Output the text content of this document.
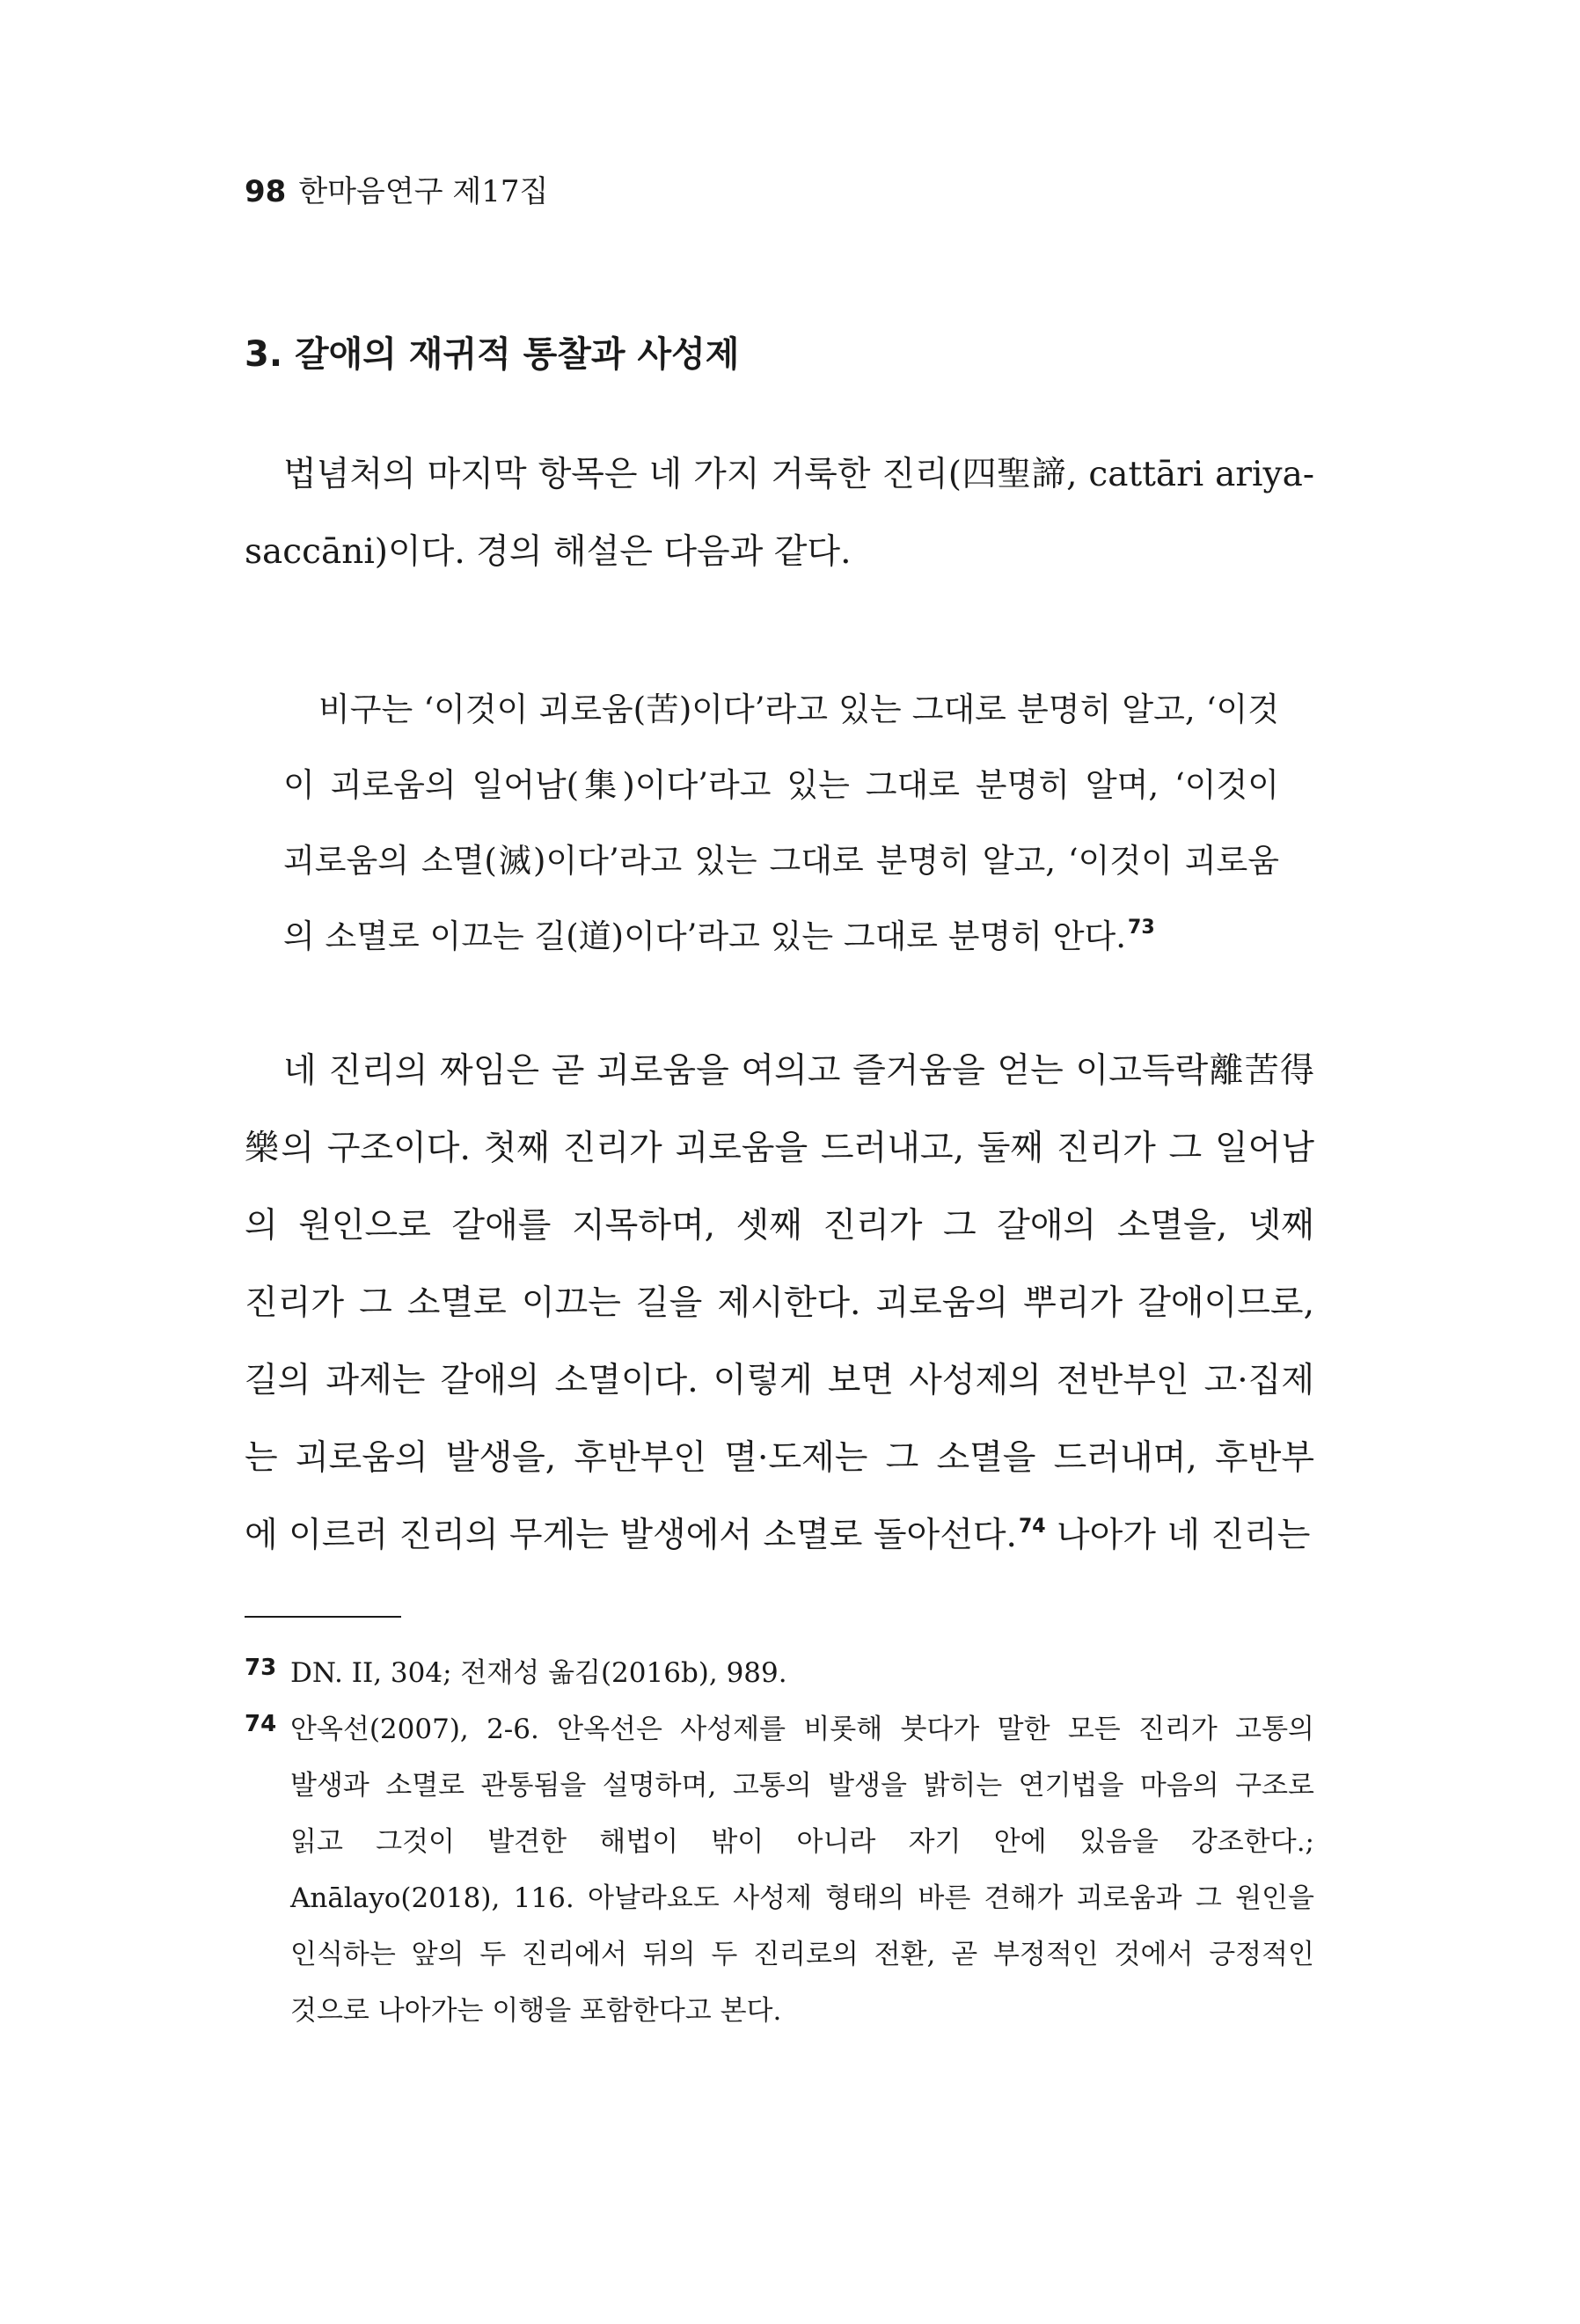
98 한마음연구 제17집
3. 갈애의 재귀적 통찰과 사성제

법념처의 마지막 항목은 네 가지 거룩한 진리(四聖諦, cattāri ariya-

saccāni)이다. 경의 해설은 다음과 같다.

비구는 ‘이것이 괴로움(苦)이다’라고 있는 그대로 분명히 알고, ‘이것

이 괴로움의 일어남(集)이다’라고 있는 그대로 분명히 알며, ‘이것이

괴로움의 소멸(滅)이다’라고 있는 그대로 분명히 알고, ‘이것이 괴로움

의 소멸로 이끄는 길(道)이다’라고 있는 그대로 분명히 안다.$^{73}$

네 진리의 짜임은 곧 괴로움을 여의고 즐거움을 얻는 이고득락離苦得

樂의 구조이다. 첫째 진리가 괴로움을 드러내고, 둘째 진리가 그 일어남

의 원인으로 갈애를 지목하며, 셋째 진리가 그 갈애의 소멸을, 넷째

진리가 그 소멸로 이끄는 길을 제시한다. 괴로움의 뿌리가 갈애이므로,

길의 과제는 갈애의 소멸이다. 이렇게 보면 사성제의 전반부인 고·집제

는 괴로움의 발생을, 후반부인 멸·도제는 그 소멸을 드러내며, 후반부

에 이르러 진리의 무게는 발생에서 소멸로 돌아선다.$^{74}$ 나아가 네 진리는

73 DN. II, 304; 전재성 옮김(2016b), 989.

74 안옥선(2007), 2-6. 안옥선은 사성제를 비롯해 붓다가 말한 모든 진리가 고통의

발생과 소멸로 관통됨을 설명하며, 고통의 발생을 밝히는 연기법을 마음의 구조로

읽고 그것이 발견한 해법이 밖이 아니라 자기 안에 있음을 강조한다.;

Anālayo(2018), 116. 아날라요도 사성제 형태의 바른 견해가 괴로움과 그 원인을

인식하는 앞의 두 진리에서 뒤의 두 진리로의 전환, 곧 부정적인 것에서 긍정적인

것으로 나아가는 이행을 포함한다고 본다.
